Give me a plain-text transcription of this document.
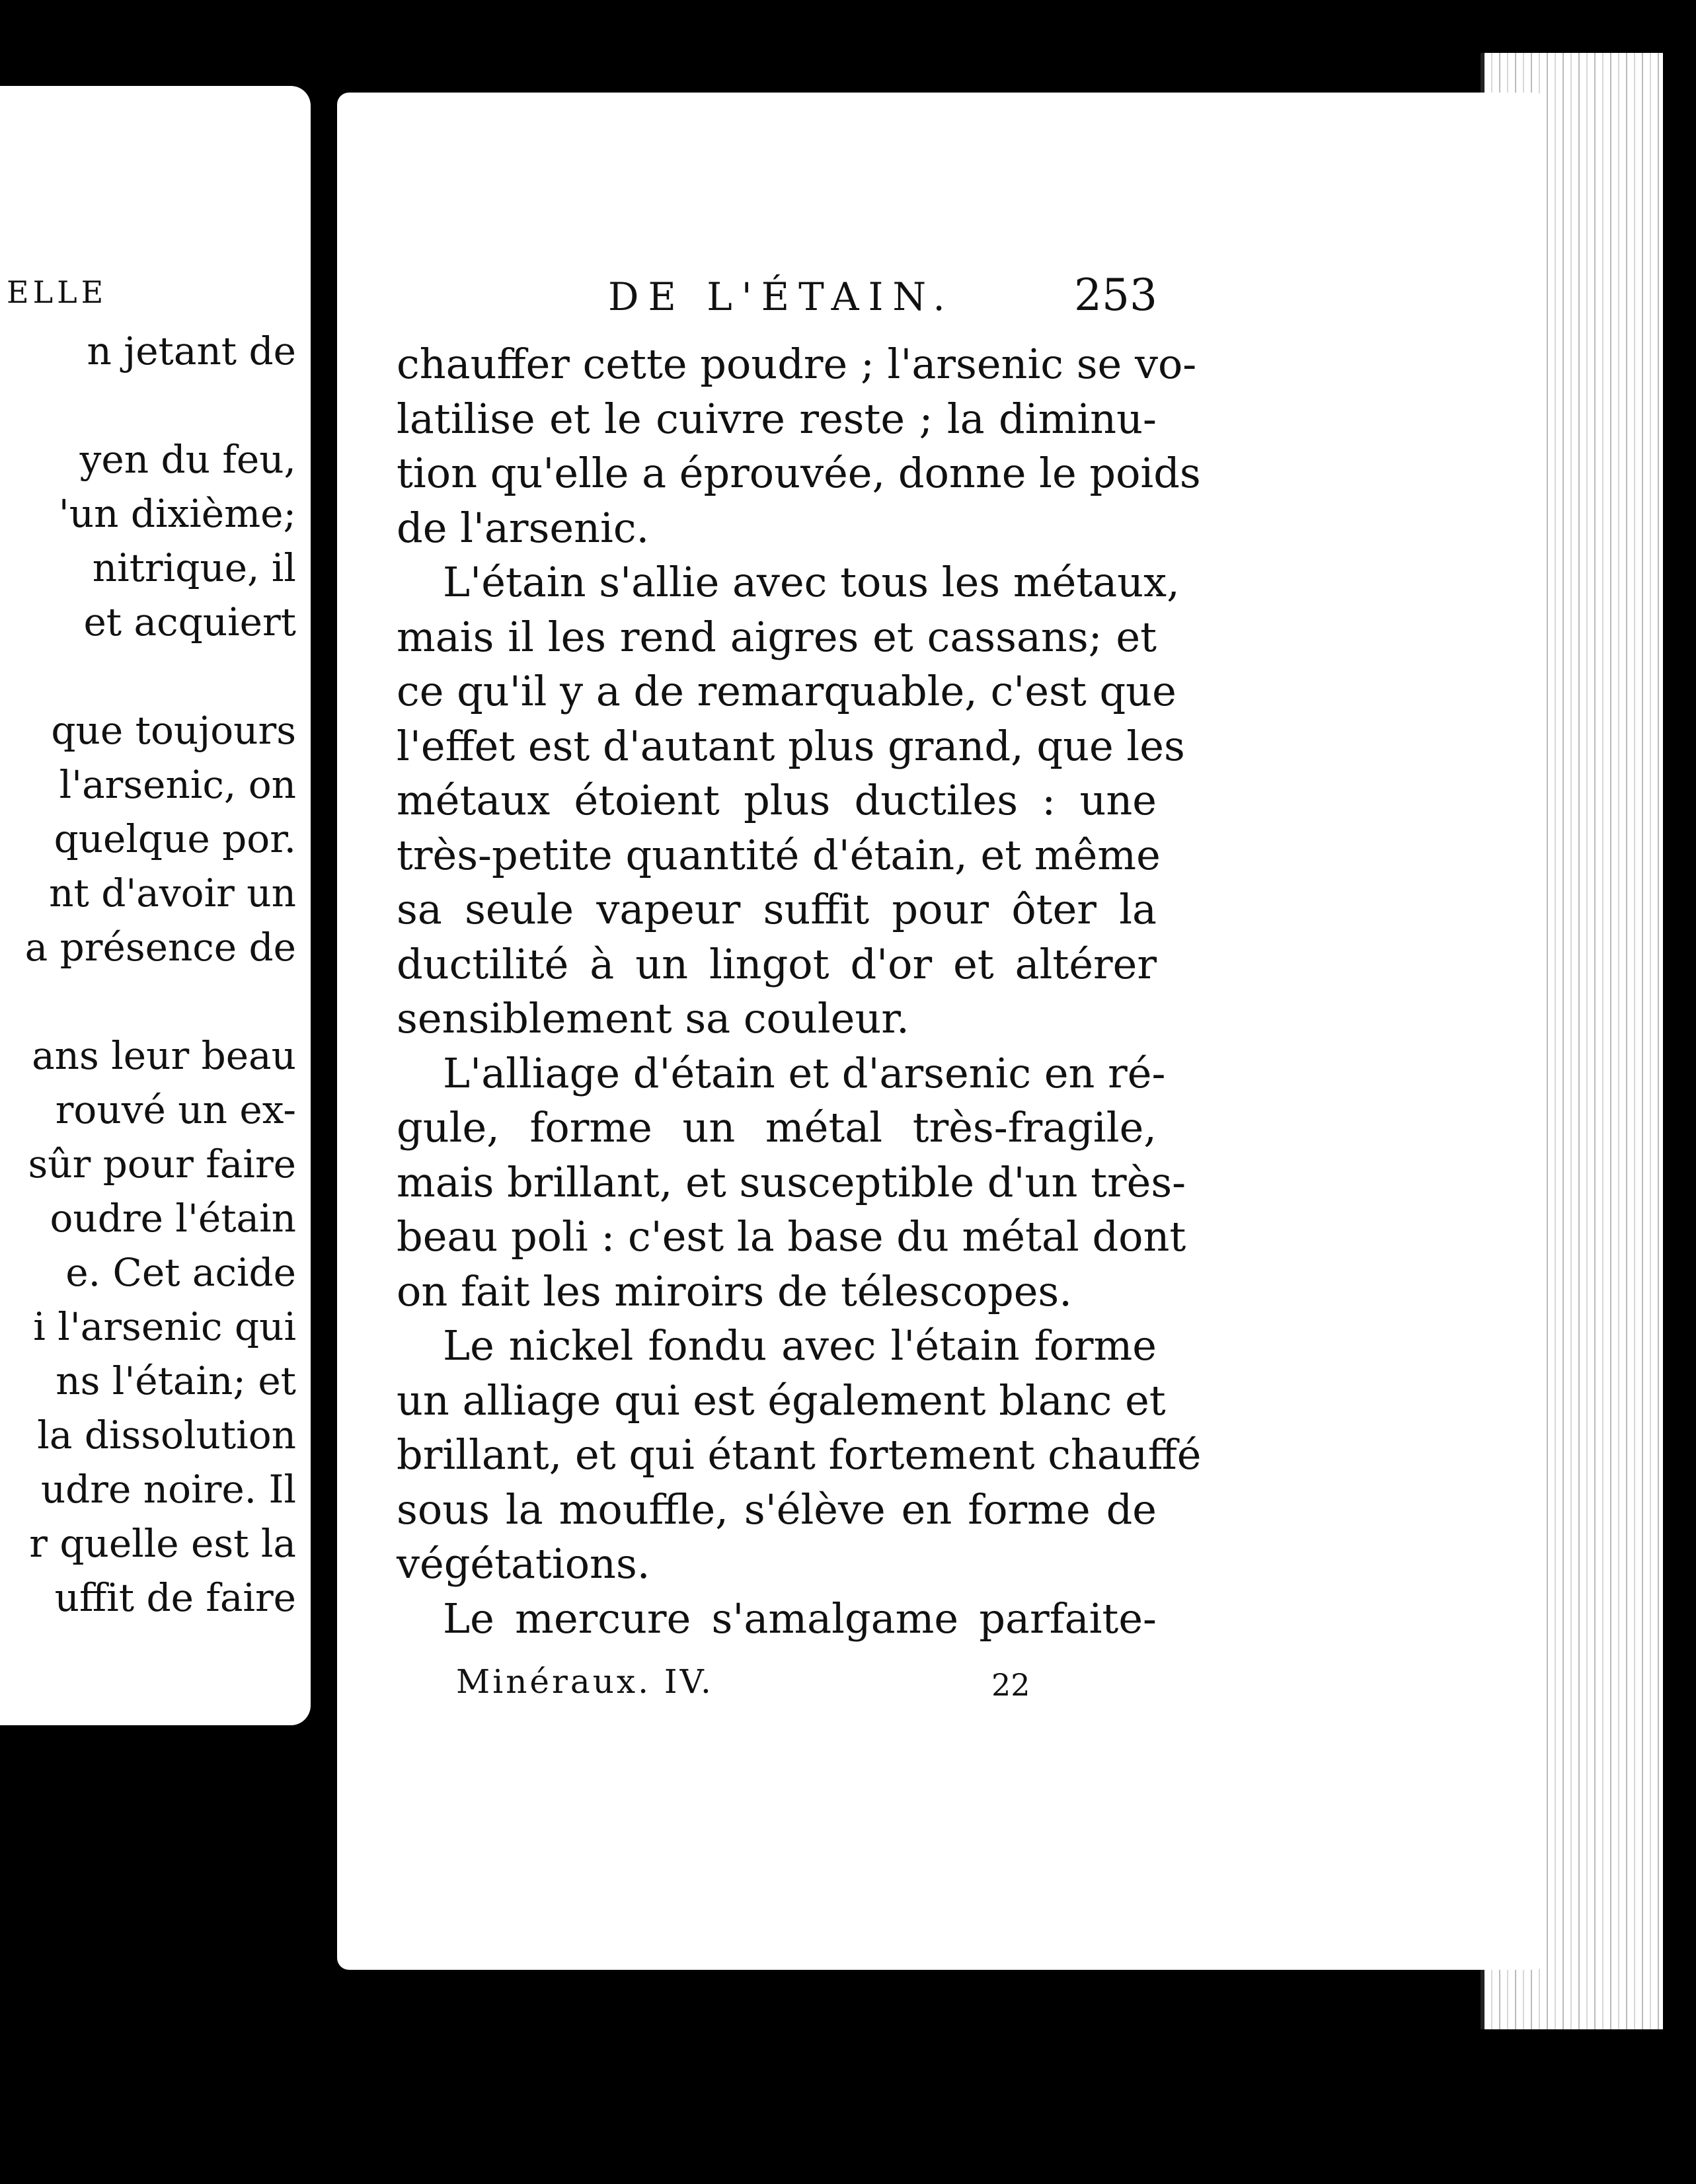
ELLE
n jetant de
yen du feu,
'un dixième;
nitrique, il
et acquiert
que toujours
l'arsenic, on
quelque por.
nt d'avoir un
a présence de
ans leur beau
rouvé un ex-
sûr pour faire
oudre l'étain
e. Cet acide
i l'arsenic qui
ns l'étain; et
la dissolution
udre noire. Il
r quelle est la
uffit de faire
DE L'ÉTAIN.	253
chauffer cette poudre ; l'arsenic se vo-
latilise et le cuivre reste ; la diminu-
tion qu'elle a éprouvée, donne le poids
de l'arsenic.
L'étain s'allie avec tous les métaux,
mais il les rend aigres et cassans; et
ce qu'il y a de remarquable, c'est que
l'effet est d'autant plus grand, que les
métaux étoient plus ductiles : une
très-petite quantité d'étain, et même
sa seule vapeur suffit pour ôter la
ductilité à un lingot d'or et altérer
sensiblement sa couleur.
L'alliage d'étain et d'arsenic en ré-
gule, forme un métal très-fragile,
mais brillant, et susceptible d'un très-
beau poli : c'est la base du métal dont
on fait les miroirs de télescopes.
Le nickel fondu avec l'étain forme
un alliage qui est également blanc et
brillant, et qui étant fortement chauffé
sous la mouffle, s'élève en forme de
végétations.
Le mercure s'amalgame parfaite-
Minéraux. IV.	22
